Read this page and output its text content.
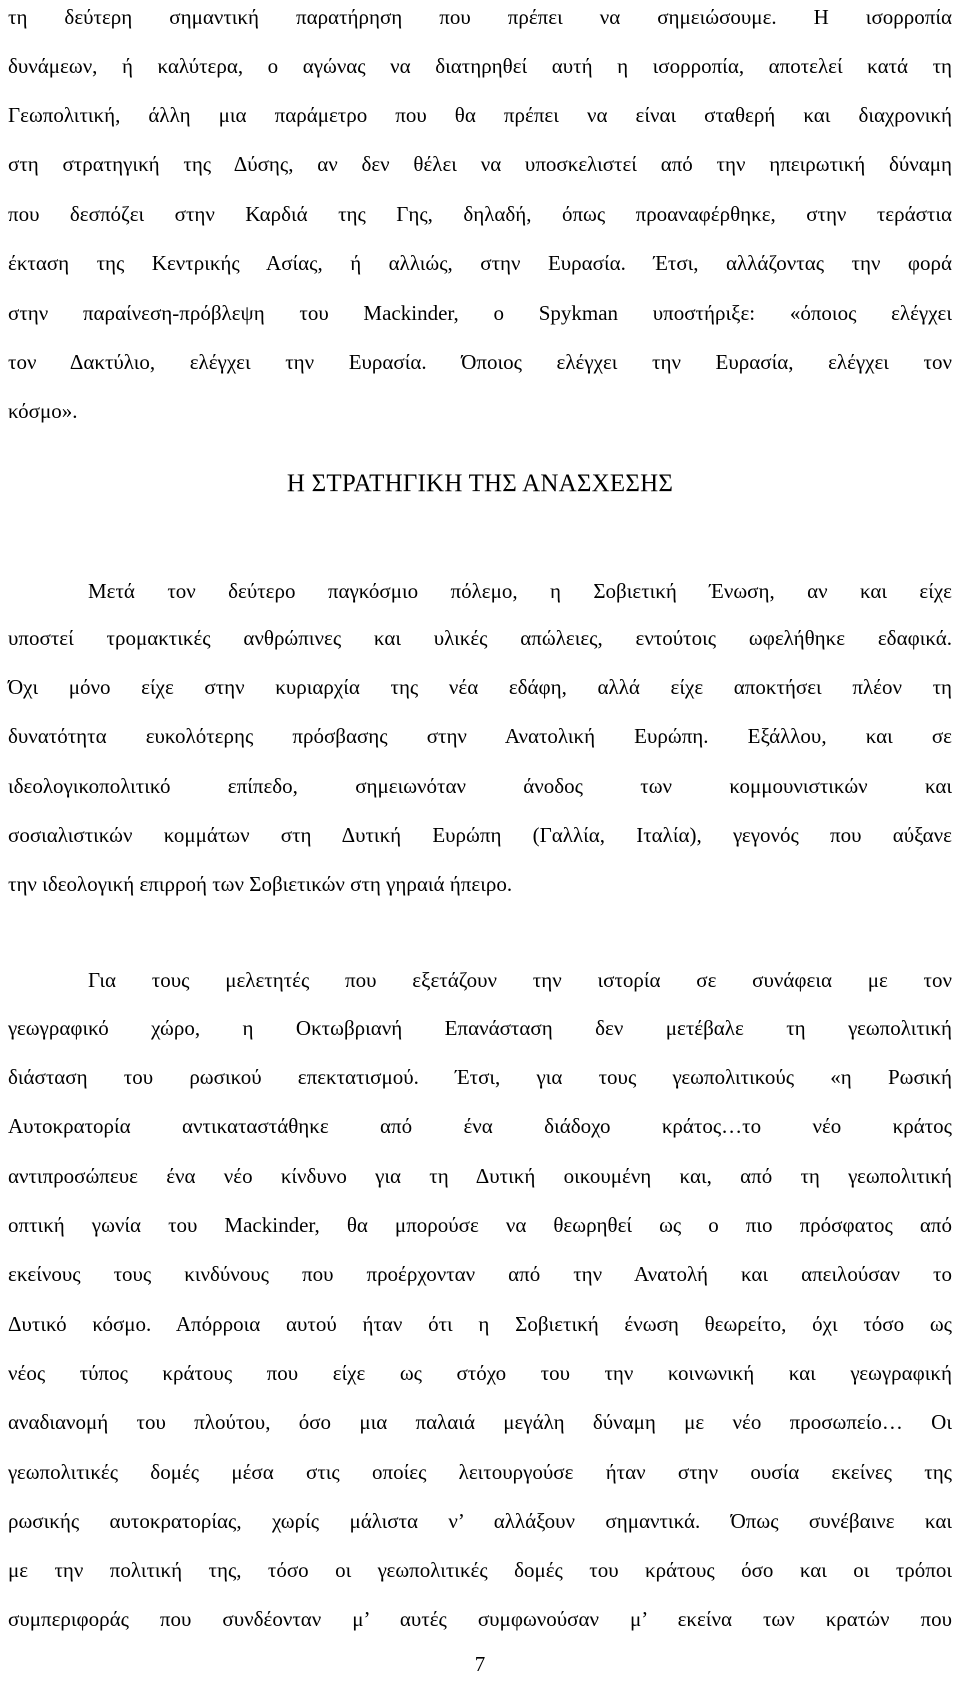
τη δεύτερη σημαντική παρατήρηση που πρέπει να σημειώσουμε. Η ισορροπία
δυνάμεων, ή καλύτερα, ο αγώνας να διατηρηθεί αυτή η ισορροπία, αποτελεί κατά τη
Γεωπολιτική, άλλη μια παράμετρο που θα πρέπει να είναι σταθερή και διαχρονική
στη στρατηγική της Δύσης, αν δεν θέλει να υποσκελιστεί από την ηπειρωτική δύναμη
που δεσπόζει στην Καρδιά της Γης, δηλαδή, όπως προαναφέρθηκε, στην τεράστια
έκταση της Κεντρικής Ασίας, ή αλλιώς, στην Ευρασία. Έτσι, αλλάζοντας την φορά
στην παραίνεση-πρόβλεψη του Mackinder, ο Spykman υποστήριξε: «όποιος ελέγχει
τον Δακτύλιο, ελέγχει την Ευρασία. Όποιος ελέγχει την Ευρασία, ελέγχει τον
κόσμο».
Η ΣΤΡΑΤΗΓΙΚΗ ΤΗΣ ΑΝΑΣΧΕΣΗΣ
Μετά τον δεύτερο παγκόσμιο πόλεμο, η Σοβιετική Ένωση, αν και είχε
υποστεί τρομακτικές ανθρώπινες και υλικές απώλειες, εντούτοις ωφελήθηκε εδαφικά.
Όχι μόνο είχε στην κυριαρχία της νέα εδάφη, αλλά είχε αποκτήσει πλέον τη
δυνατότητα ευκολότερης πρόσβασης στην Ανατολική Ευρώπη. Εξάλλου, και σε
ιδεολογικοπολιτικό επίπεδο, σημειωνόταν άνοδος των κομμουνιστικών και
σοσιαλιστικών κομμάτων στη Δυτική Ευρώπη (Γαλλία, Ιταλία), γεγονός που αύξανε
την ιδεολογική επιρροή των Σοβιετικών στη γηραιά ήπειρο.
Για τους μελετητές που εξετάζουν την ιστορία σε συνάφεια με τον
γεωγραφικό χώρο, η Οκτωβριανή Επανάσταση δεν μετέβαλε τη γεωπολιτική
διάσταση του ρωσικού επεκτατισμού. Έτσι, για τους γεωπολιτικούς «η Ρωσική
Αυτοκρατορία αντικαταστάθηκε από ένα διάδοχο κράτος…το νέο κράτος
αντιπροσώπευε ένα νέο κίνδυνο για τη Δυτική οικουμένη και, από τη γεωπολιτική
οπτική γωνία του Mackinder, θα μπορούσε να θεωρηθεί ως ο πιο πρόσφατος από
εκείνους τους κινδύνους που προέρχονταν από την Ανατολή και απειλούσαν το
Δυτικό κόσμο. Απόρροια αυτού ήταν ότι η Σοβιετική ένωση θεωρείτο, όχι τόσο ως
νέος τύπος κράτους που είχε ως στόχο του την κοινωνική και γεωγραφική
αναδιανομή του πλούτου, όσο μια παλαιά μεγάλη δύναμη με νέο προσωπείο… Οι
γεωπολιτικές δομές μέσα στις οποίες λειτουργούσε ήταν στην ουσία εκείνες της
ρωσικής αυτοκρατορίας, χωρίς μάλιστα ν’ αλλάξουν σημαντικά. Όπως συνέβαινε και
με την πολιτική της, τόσο οι γεωπολιτικές δομές του κράτους όσο και οι τρόποι
συμπεριφοράς που συνδέονταν μ’ αυτές συμφωνούσαν μ’ εκείνα των κρατών που
7
